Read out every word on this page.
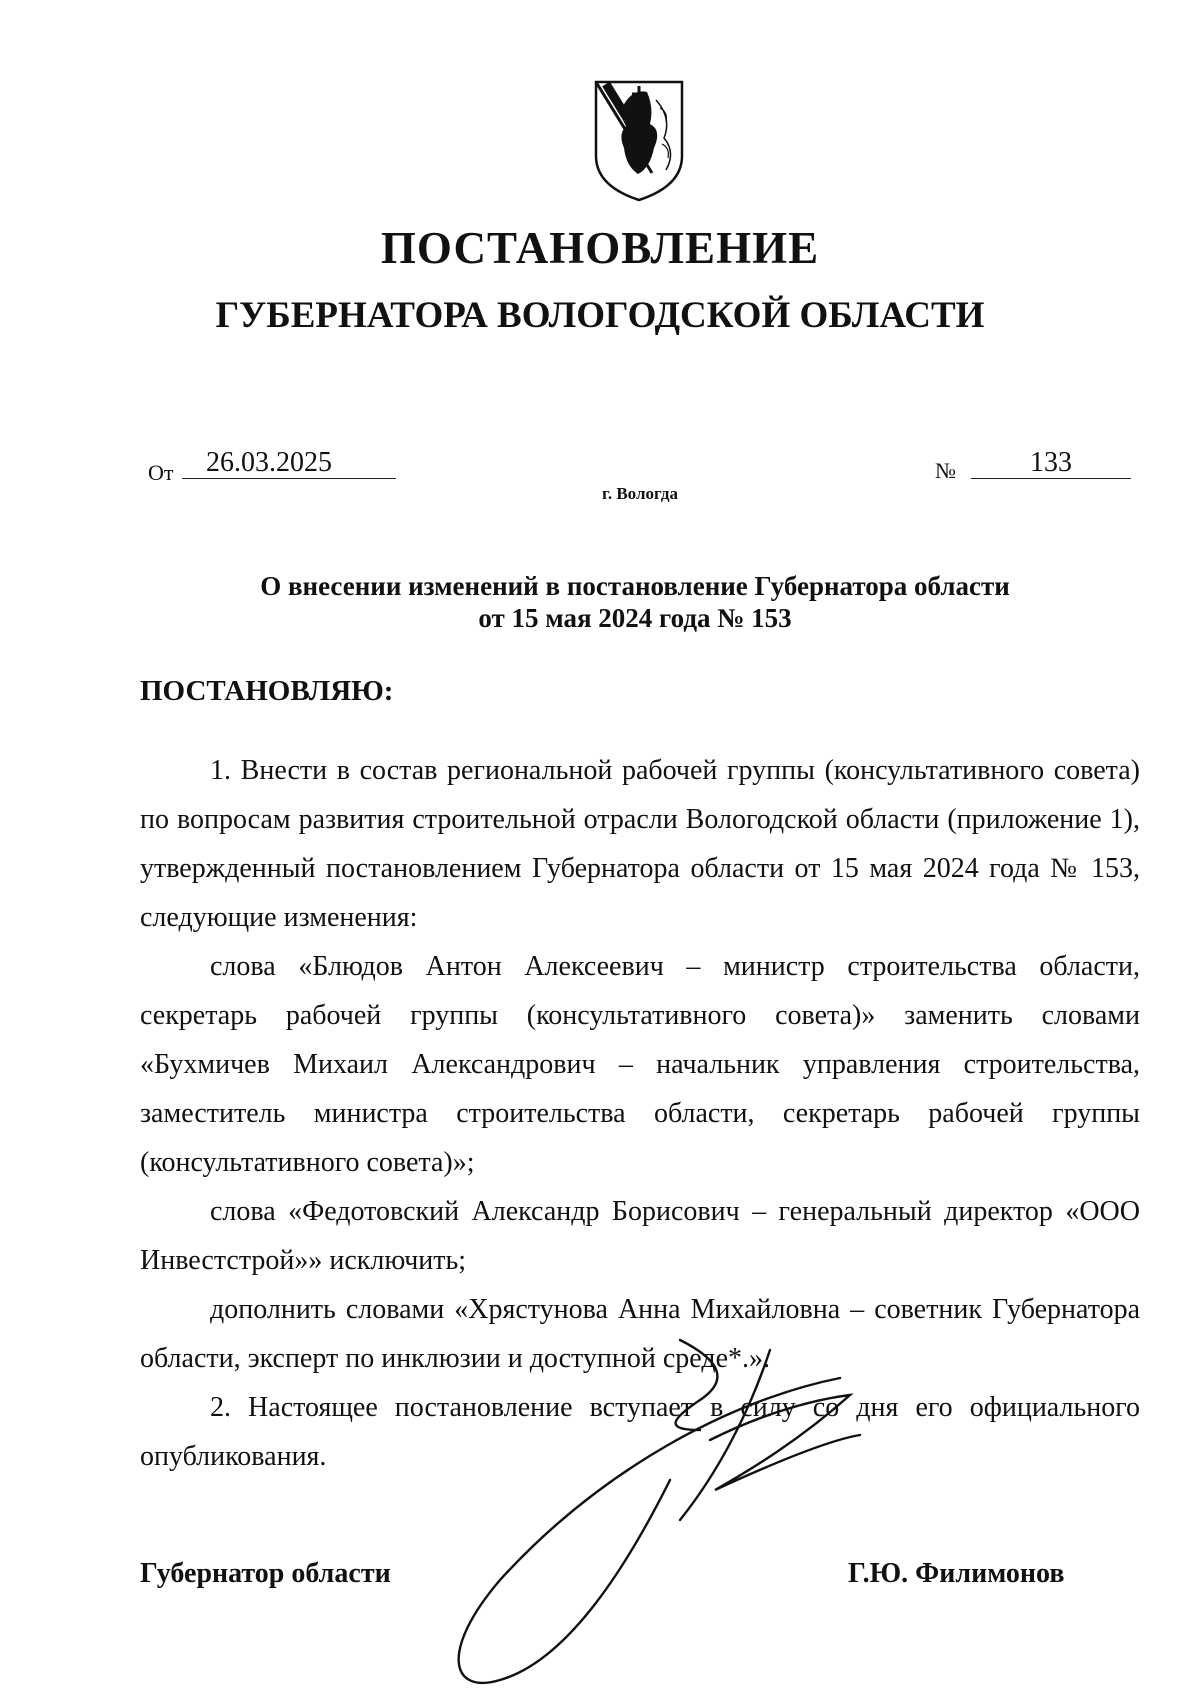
ПОСТАНОВЛЕНИЕ
ГУБЕРНАТОРА ВОЛОГОДСКОЙ ОБЛАСТИ
От	26.03.2025	№	133
г. Вологда
О внесении изменений в постановление Губернатора области
от 15 мая 2024 года № 153
ПОСТАНОВЛЯЮ:

1. Внести в состав региональной рабочей группы (консультативного совета) по вопросам развития строительной отрасли Вологодской области (приложение 1), утвержденный постановлением Губернатора области от 15 мая 2024 года № 153, следующие изменения:

слова «Блюдов Антон Алексеевич – министр строительства области, секретарь рабочей группы (консультативного совета)» заменить словами «Бухмичев Михаил Александрович – начальник управления строительства, заместитель министра строительства области, секретарь рабочей группы (консультативного совета)»;

слова «Федотовский Александр Борисович – генеральный директор «ООО Инвестстрой»» исключить;

дополнить словами «Хрястунова Анна Михайловна – советник Губернатора области, эксперт по инклюзии и доступной среде*.».

2. Настоящее постановление вступает в силу со дня его официального опубликования.

Губернатор области	Г.Ю. Филимонов
